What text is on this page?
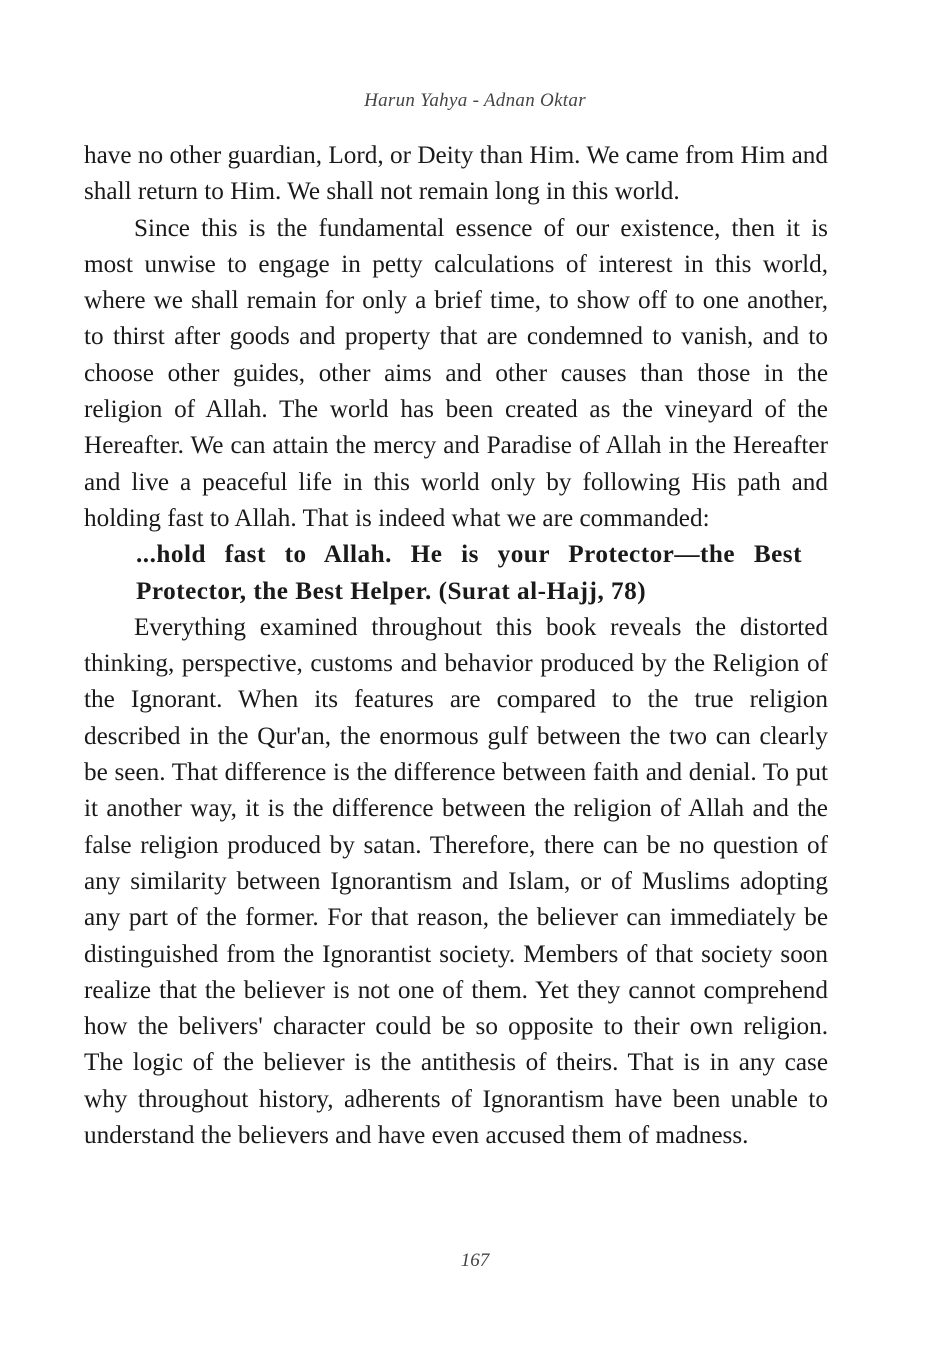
Harun Yahya - Adnan Oktar

have no other guardian, Lord, or Deity than Him. We came from Him and shall return to Him. We shall not remain long in this world.

Since this is the fundamental essence of our existence, then it is most unwise to engage in petty calculations of interest in this world, where we shall remain for only a brief time, to show off to one another, to thirst after goods and property that are condemned to vanish, and to choose other guides, other aims and other causes than those in the religion of Allah. The world has been created as the vineyard of the Hereafter. We can attain the mercy and Paradise of Allah in the Hereafter and live a peaceful life in this world only by following His path and holding fast to Allah. That is indeed what we are commanded:

...hold fast to Allah. He is your Protector—the Best Protector, the Best Helper. (Surat al-Hajj, 78)

Everything examined throughout this book reveals the distorted thinking, perspective, customs and behavior produced by the Religion of the Ignorant. When its features are compared to the true religion described in the Qur'an, the enormous gulf between the two can clearly be seen. That difference is the difference between faith and denial. To put it another way, it is the difference between the religion of Allah and the false religion produced by satan. Therefore, there can be no question of any similarity between Ignorantism and Islam, or of Muslims adopting any part of the former. For that reason, the believer can immediately be distinguished from the Ignorantist society. Members of that society soon realize that the believer is not one of them. Yet they cannot comprehend how the belivers' character could be so opposite to their own religion. The logic of the believer is the antithesis of theirs. That is in any case why throughout history, adherents of Ignorantism have been unable to understand the believers and have even accused them of madness.

167
